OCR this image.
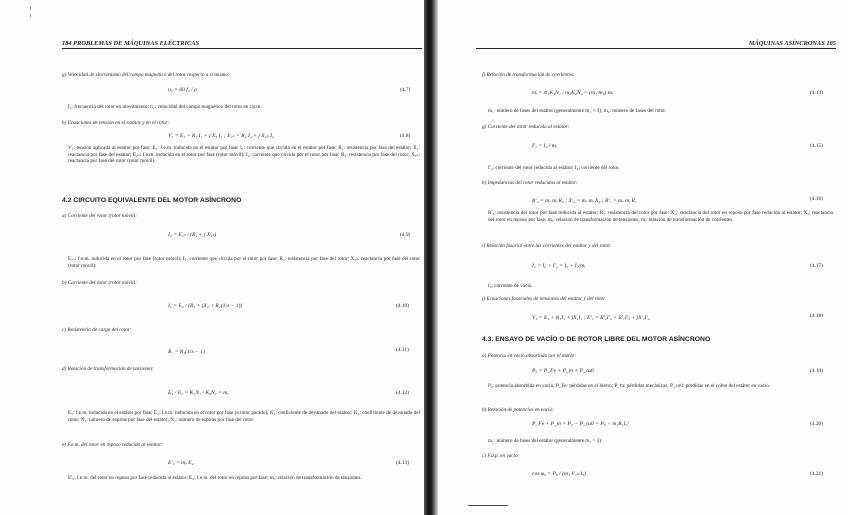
184 PROBLEMAS DE MÁQUINAS ELÉCTRICAS
g) Velocidad de sincronismo del campo magnético del rotor respecto a sí mismo:
n₂ = 60 f₂ / p	(4.7)
f₂: frecuencia del rotor en movimiento; n₂: velocidad del campo magnético del rotor en r.p.m.
h) Ecuaciones de tensión en el estátor y en el rotor:
V₁ = E₁ + R₁ I₁ + j X₁ I₁ ; E₂ₛ = R₂ I₂ + j X₂ₛ I₂	(4.8)
V₁: tensión aplicada al estátor por fase; E₁: f.e.m. inducida en el estátor por fase; I₁: corriente que circula en el estátor por fase; R₁: resistencia por fase del estátor; X₁: reactancia por fase del estátor; E₂ₛ: f.e.m. inducida en el rotor por fase (rotor móvil); I₂: corriente que circula por el rotor por fase; R₂: resistencia por fase del rotor; X₂ₛ: reactancia por fase del rotor (rotor móvil).
4.2 CIRCUITO EQUIVALENTE DEL MOTOR ASÍNCRONO
a) Corriente del rotor (rotor móvil):
I₂ = E₂ₛ / (R₂ + j X₂ₛ)	(4.9)
E₂ₛ: f.e.m. inducida en el rotor por fase (rotor móvil); I₂: corriente que circula por el rotor por fase; R₂: resistencia por fase del rotor; X₂ₛ: reactancia por fase del rotor (rotor móvil);
b) Corriente del rotor (rotor móvil):
I₂ = E₂ / (R₂ + jX₂ + R₂(1/s − 1))	(4.10)
c) Resistencia de carga del rotor:
R꜀ = R₂(1/s − 1)	(4.11)
d) Relación de transformación de tensiones:
E₁ / E₂ = K₁N₁ / K₂N₂ = mᵥ	(4.12)
E₁: f.e.m. inducida en el estátor por fase; E₂: f.e.m. inducida en el rotor por fase (a rotor parado); K₁: coeficiente de devanado del estátor; K₂: coeficiente de devanado del rotor; N₁: número de espiras por fase del estátor; N₂: número de espiras por fase del rotor.
e) F.e.m. del rotor en reposo reducida al estátor:
E′₂ = mᵥ E₂	(4.13)
E′₂: f.e.m. del rotor en reposo por fase reducida al estátor; E₂: f.e.m. del rotor en reposo por fase; mᵥ: relación de transformación de tensiones.
MÁQUINAS ASÍNCRONAS 185
f) Relación de transformación de corrientes:
mᵢ = m₁K₁N₁ / m₂K₂N₂ = (m₁/m₂) mᵥ	(4.14)
m₁: número de fases del estátor (generalmente m₁ = 3); m₂: número de fases del rotor.
g) Corriente del rotor reducida al estátor:
I′₂ = I₂ / mᵢ	(4.15)
I′₂: corriente del rotor reducida al estátor; I₂: corriente del rotor.
h) Impedancias del rotor reducidas al estátor:
R′₂ = mᵥ mᵢ R₂ ; X′₂ = mᵥ mᵢ X₂ ; R′꜀ = mᵥ mᵢ R꜀	(4.16)
R′₂: resistencia del rotor por fase reducida al estátor; R₂: resistencia del rotor por fase; X′₂: reactancia del rotor en reposo por fase reducida al estátor; X₂: reactancia del rotor en reposo por fase; mᵥ: relación de transformación de tensiones; mᵢ: relación de transformación de corrientes.
i) Relación fasorial entre las corrientes del estátor y del rotor:
I₁ = I₀ + I′₂ = I₀ + I₂/mᵢ	(4.17)
I₀: corriente de vacío.
j) Ecuaciones fasoriales de tensiones del estátor y del rotor:
V₁ = E₁ + R₁I₁ + jX₁I₁ ; E′₂ = R′₂I′₂ + R′꜀I′₂ + jX′₂I′₂	(4.18)
4.3. ENSAYO DE VACÍO O DE ROTOR LIBRE DEL MOTOR ASÍNCRONO
a) Potencia en vacío absorbida por el motor:
P₀ = P_Fe + P_m + P_cu0	(4.19)
P₀: potencia absorbida en vacío; P_Fe: pérdidas en el hierro; P_m: pérdidas mecánicas; P_cu0: pérdidas en el cobre del estátor en vacío.
b) Relación de potencias en vacío:
P_Fe + P_m = P₀ − P_cu0 = P₀ − m₁R₁I₀²	(4.20)
m₁: número de fases del estátor (generalmente m₁ = 3).
c) F.d.p. en vacío:
cos φ₀ = P₀ / (m₁ V₁ₙ I₀)	(4.21)
